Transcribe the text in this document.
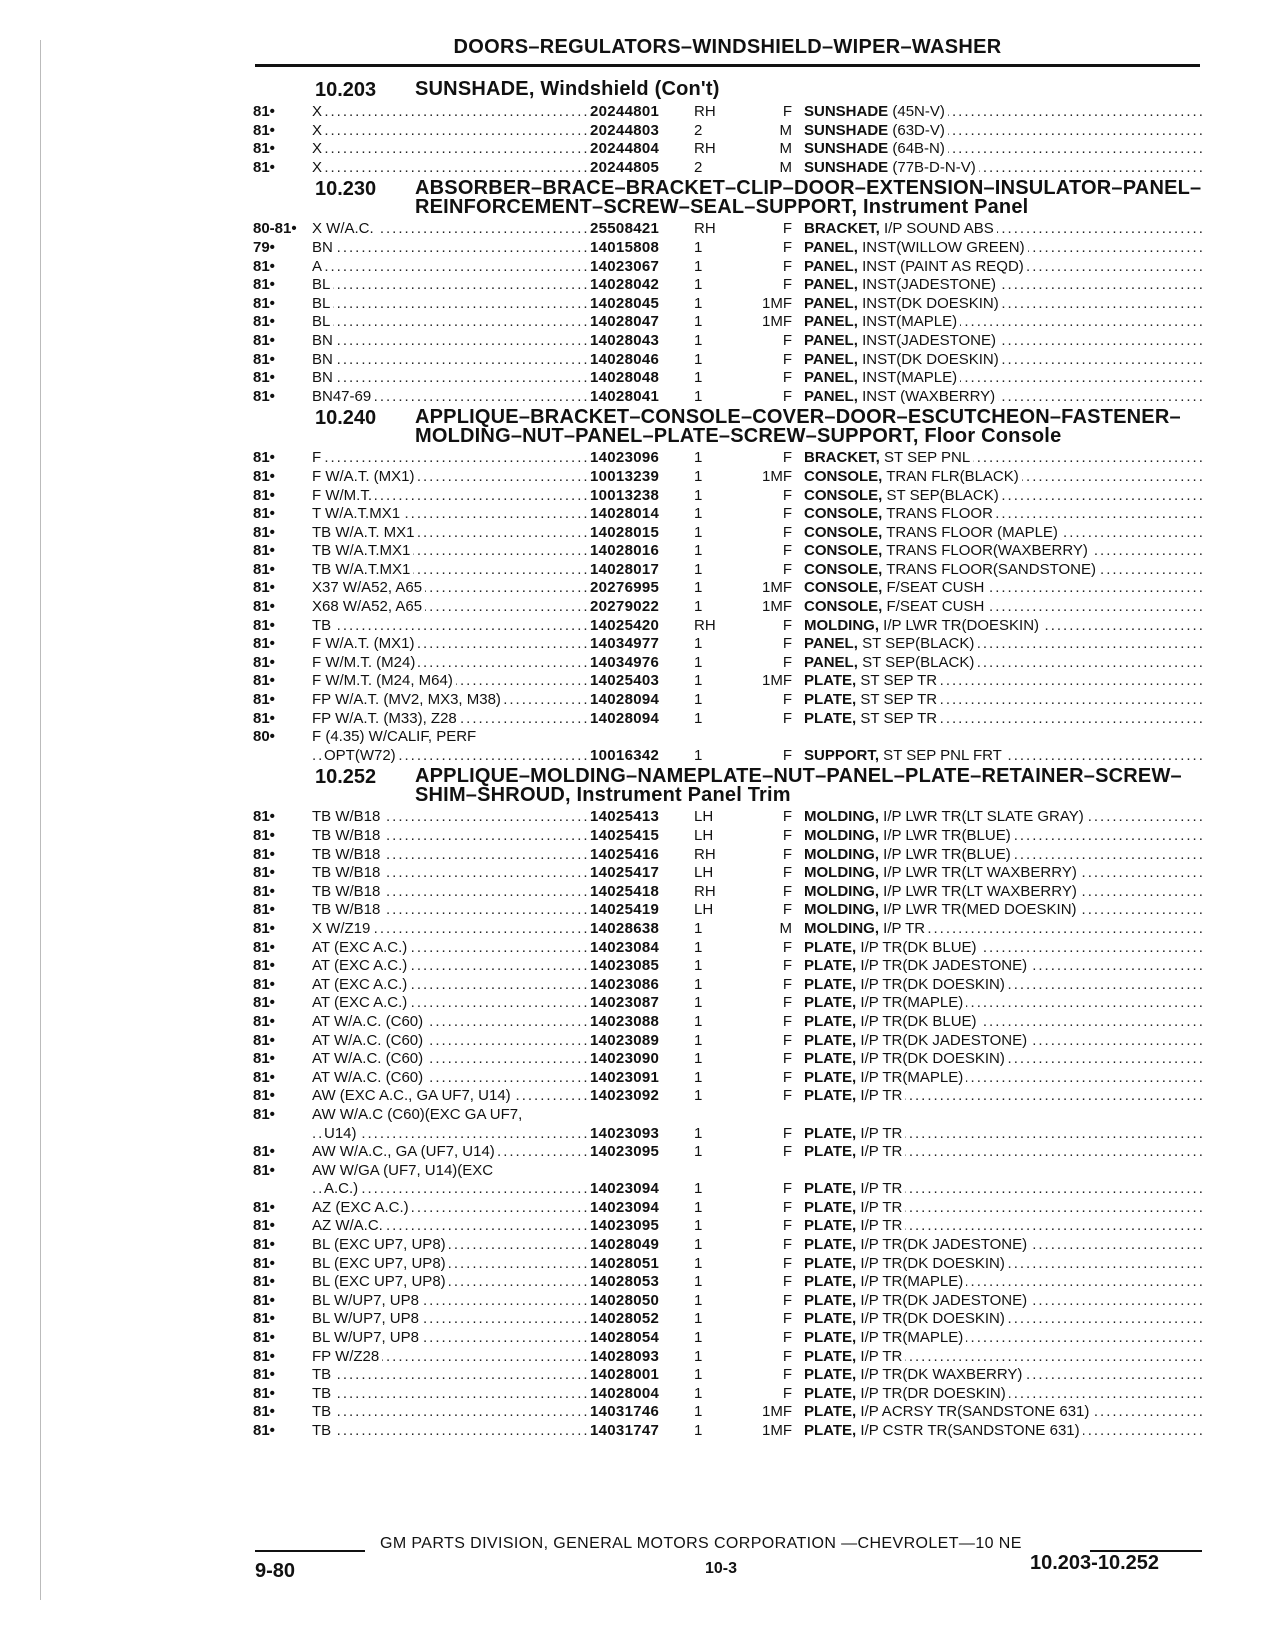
DOORS–REGULATORS–WINDSHIELD–WIPER–WASHER
10.203	SUNSHADE, Windshield (Con't)
81•	X .....	20244801	RH	F SUNSHADE (45N-V) .....
81•	X .....	20244803	2	M SUNSHADE (63D-V) .....
81•	X .....	20244804	RH	M SUNSHADE (64B-N) .....
81•	X .....	20244805	2	M SUNSHADE (77B-D-N-V) .....
10.230	ABSORBER–BRACE–BRACKET–CLIP–DOOR–EXTENSION–INSULATOR–PANEL–REINFORCEMENT–SCREW–SEAL–SUPPORT, Instrument Panel
80-81•	X W/A.C. .....	25508421	RH	F BRACKET, I/P SOUND ABS .....
79•	BN .....	14015808	1	F PANEL, INST(WILLOW GREEN) .....
81•	A .....	14023067	1	F PANEL, INST (PAINT AS REQD) .....
81•	BL .....	14028042	1	F PANEL, INST(JADESTONE) .....
81•	BL .....	14028045	1	1MF PANEL, INST(DK DOESKIN) .....
81•	BL .....	14028047	1	1MF PANEL, INST(MAPLE) .....
81•	BN .....	14028043	1	F PANEL, INST(JADESTONE) .....
81•	BN .....	14028046	1	F PANEL, INST(DK DOESKIN) .....
81•	BN .....	14028048	1	F PANEL, INST(MAPLE) .....
81•	BN47-69 .....	14028041	1	F PANEL, INST (WAXBERRY) .....
10.240	APPLIQUE–BRACKET–CONSOLE–COVER–DOOR–ESCUTCHEON–FASTENER–MOLDING–NUT–PANEL–PLATE–SCREW–SUPPORT, Floor Console
81•	F .....	14023096	1	F BRACKET, ST SEP PNL .....
81•	F W/A.T. (MX1) .....	10013239	1	1MF CONSOLE, TRAN FLR(BLACK) .....
81•	F W/M.T. .....	10013238	1	F CONSOLE, ST SEP(BLACK) .....
81•	T W/A.T.MX1 .....	14028014	1	F CONSOLE, TRANS FLOOR .....
81•	TB W/A.T. MX1 .....	14028015	1	F CONSOLE, TRANS FLOOR (MAPLE) .....
81•	TB W/A.T.MX1 .....	14028016	1	F CONSOLE, TRANS FLOOR(WAXBERRY) .....
81•	TB W/A.T.MX1 .....	14028017	1	F CONSOLE, TRANS FLOOR(SANDSTONE) .....
81•	X37 W/A52, A65 .....	20276995	1	1MF CONSOLE, F/SEAT CUSH .....
81•	X68 W/A52, A65 .....	20279022	1	1MF CONSOLE, F/SEAT CUSH .....
81•	TB .....	14025420	RH	F MOLDING, I/P LWR TR(DOESKIN) .....
81•	F W/A.T. (MX1) .....	14034977	1	F PANEL, ST SEP(BLACK) .....
81•	F W/M.T. (M24) .....	14034976	1	F PANEL, ST SEP(BLACK) .....
81•	F W/M.T. (M24, M64) .....	14025403	1	1MF PLATE, ST SEP TR .....
81•	FP W/A.T. (MV2, MX3, M38) .....	14028094	1	F PLATE, ST SEP TR .....
81•	FP W/A.T. (M33), Z28 .....	14028094	1	F PLATE, ST SEP TR .....
80•	F (4.35) W/CALIF, PERF
OPT(W72) .....	10016342	1	F SUPPORT, ST SEP PNL FRT .....
10.252	APPLIQUE–MOLDING–NAMEPLATE–NUT–PANEL–PLATE–RETAINER–SCREW–SHIM–SHROUD, Instrument Panel Trim
81•	TB W/B18 .....	14025413	LH	F MOLDING, I/P LWR TR(LT SLATE GRAY) .....
81•	TB W/B18 .....	14025415	LH	F MOLDING, I/P LWR TR(BLUE) .....
81•	TB W/B18 .....	14025416	RH	F MOLDING, I/P LWR TR(BLUE) .....
81•	TB W/B18 .....	14025417	LH	F MOLDING, I/P LWR TR(LT WAXBERRY) .....
81•	TB W/B18 .....	14025418	RH	F MOLDING, I/P LWR TR(LT WAXBERRY) .....
81•	TB W/B18 .....	14025419	LH	F MOLDING, I/P LWR TR(MED DOESKIN) .....
81•	X W/Z19 .....	14028638	1	M MOLDING, I/P TR .....
81•	AT (EXC A.C.) .....	14023084	1	F PLATE, I/P TR(DK BLUE) .....
81•	AT (EXC A.C.) .....	14023085	1	F PLATE, I/P TR(DK JADESTONE) .....
81•	AT (EXC A.C.) .....	14023086	1	F PLATE, I/P TR(DK DOESKIN) .....
81•	AT (EXC A.C.) .....	14023087	1	F PLATE, I/P TR(MAPLE) .....
81•	AT W/A.C. (C60) .....	14023088	1	F PLATE, I/P TR(DK BLUE) .....
81•	AT W/A.C. (C60) .....	14023089	1	F PLATE, I/P TR(DK JADESTONE) .....
81•	AT W/A.C. (C60) .....	14023090	1	F PLATE, I/P TR(DK DOESKIN) .....
81•	AT W/A.C. (C60) .....	14023091	1	F PLATE, I/P TR(MAPLE) .....
81•	AW (EXC A.C., GA UF7, U14) .....	14023092	1	F PLATE, I/P TR .....
81•	AW W/A.C (C60)(EXC GA UF7,
U14) .....	14023093	1	F PLATE, I/P TR .....
81•	AW W/A.C., GA (UF7, U14) .....	14023095	1	F PLATE, I/P TR .....
81•	AW W/GA (UF7, U14)(EXC
A.C.) .....	14023094	1	F PLATE, I/P TR .....
81•	AZ (EXC A.C.) .....	14023094	1	F PLATE, I/P TR .....
81•	AZ W/A.C. .....	14023095	1	F PLATE, I/P TR .....
81•	BL (EXC UP7, UP8) .....	14028049	1	F PLATE, I/P TR(DK JADESTONE) .....
81•	BL (EXC UP7, UP8) .....	14028051	1	F PLATE, I/P TR(DK DOESKIN) .....
81•	BL (EXC UP7, UP8) .....	14028053	1	F PLATE, I/P TR(MAPLE) .....
81•	BL W/UP7, UP8 .....	14028050	1	F PLATE, I/P TR(DK JADESTONE) .....
81•	BL W/UP7, UP8 .....	14028052	1	F PLATE, I/P TR(DK DOESKIN) .....
81•	BL W/UP7, UP8 .....	14028054	1	F PLATE, I/P TR(MAPLE) .....
81•	FP W/Z28 .....	14028093	1	F PLATE, I/P TR .....
81•	TB .....	14028001	1	F PLATE, I/P TR(DK WAXBERRY) .....
81•	TB .....	14028004	1	F PLATE, I/P TR(DR DOESKIN) .....
81•	TB .....	14031746	1	1MF PLATE, I/P ACRSY TR(SANDSTONE 631) .....
81•	TB .....	14031747	1	1MF PLATE, I/P CSTR TR(SANDSTONE 631) .....
GM PARTS DIVISION, GENERAL MOTORS CORPORATION —CHEVROLET—10 NE
9-80	10-3	10.203-10.252
